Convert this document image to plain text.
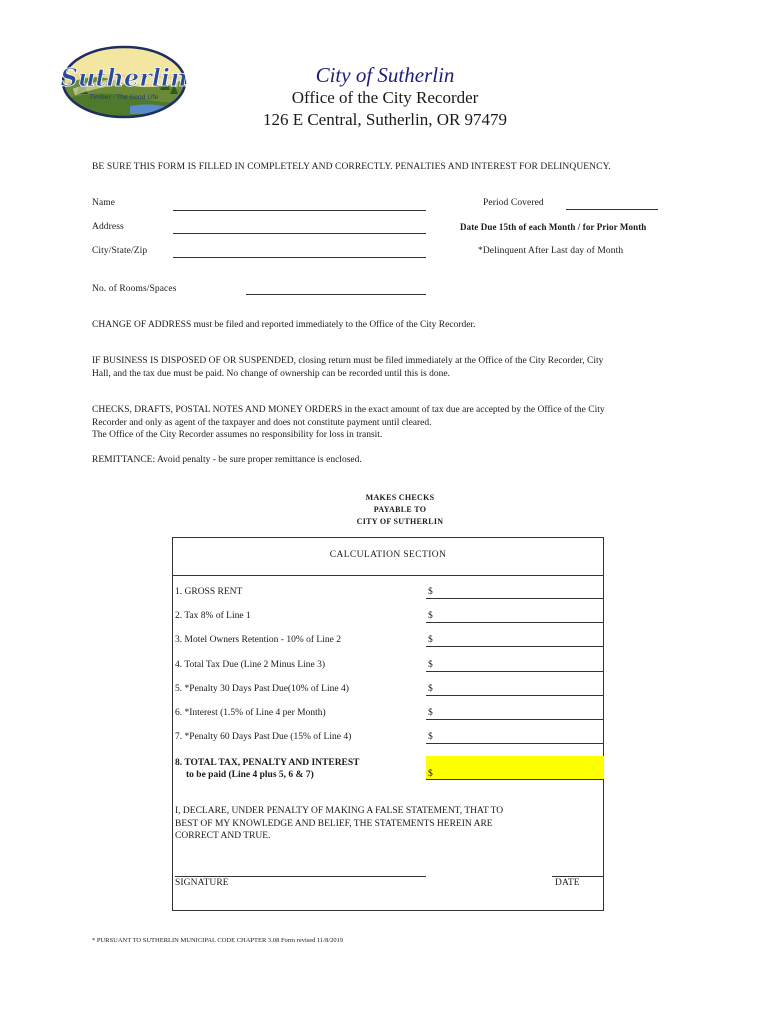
Sutherlin
Timber · The Good Life
City of Sutherlin
Office of the City Recorder
126 E Central, Sutherlin, OR 97479
BE SURE THIS FORM IS FILLED IN COMPLETELY AND CORRECTLY. PENALTIES AND INTEREST FOR DELINQUENCY.
Name
Address
City/State/Zip
No. of Rooms/Spaces
Period Covered
Date Due 15th of each Month / for Prior Month
*Delinquent After Last day of Month

CHANGE OF ADDRESS must be filed and reported immediately to the Office of the City Recorder.

IF BUSINESS IS DISPOSED OF OR SUSPENDED, closing return must be filed immediately at the Office of the City Recorder, City

Hall, and the tax due must be paid. No change of ownership can be recorded until this is done.

CHECKS, DRAFTS, POSTAL NOTES AND MONEY ORDERS in the exact amount of tax due are accepted by the Office of the City

Recorder and only as agent of the taxpayer and does not constitute payment until cleared.

The Office of the City Recorder assumes no responsibility for loss in transit.

REMITTANCE: Avoid penalty - be sure proper remittance is enclosed.

MAKES CHECKS
PAYABLE TO
CITY OF SUTHERLIN
CALCULATION SECTION
1. GROSS RENT	$
2. Tax 8% of Line 1	$
3. Motel Owners Retention - 10% of Line 2	$
4. Total Tax Due (Line 2 Minus Line 3)	$
5. *Penalty 30 Days Past Due(10% of Line 4)	$
6. *Interest (1.5% of Line 4 per Month)	$
7. *Penalty 60 Days Past Due (15% of Line 4)	$
8. TOTAL TAX, PENALTY AND INTEREST
to be paid (Line 4 plus 5, 6 & 7)	$
I, DECLARE, UNDER PENALTY OF MAKING A FALSE STATEMENT, THAT TO
BEST OF MY KNOWLEDGE AND BELIEF, THE STATEMENTS HEREIN ARE
CORRECT AND TRUE.
SIGNATURE	DATE
* PURSUANT TO SUTHERLIN MUNICIPAL CODE CHAPTER 3.08 Form revised 11/8/2019
